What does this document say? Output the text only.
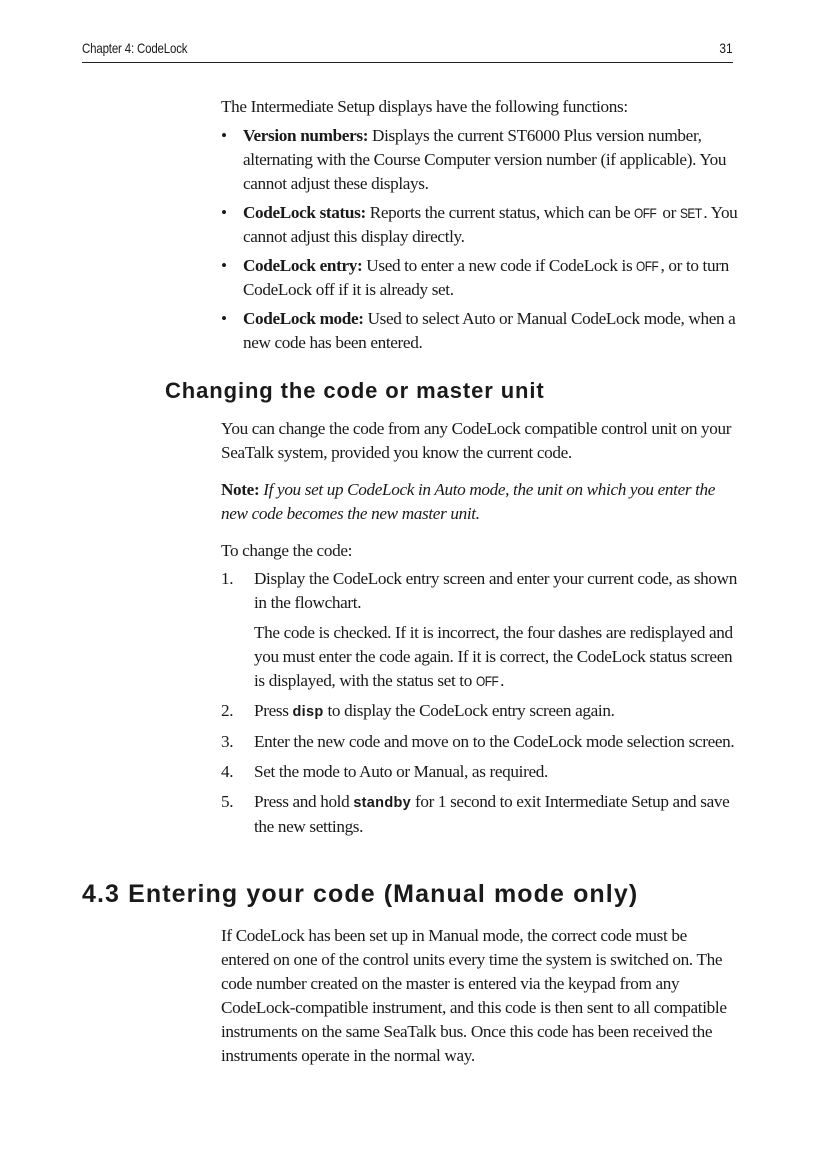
Chapter 4: CodeLock	31

The Intermediate Setup displays have the following functions:

• Version numbers: Displays the current ST6000 Plus version number, alternating with the Course Computer version number (if applicable). You cannot adjust these displays.
• CodeLock status: Reports the current status, which can be OFF or SET . You cannot adjust this display directly.
• CodeLock entry: Used to enter a new code if CodeLock is OFF , or to turn CodeLock off if it is already set.
• CodeLock mode: Used to select Auto or Manual CodeLock mode, when a new code has been entered.
Changing the code or master unit

You can change the code from any CodeLock compatible control unit on your SeaTalk system, provided you know the current code.

Note: If you set up CodeLock in Auto mode, the unit on which you enter the new code becomes the new master unit.

To change the code:

1. Display the CodeLock entry screen and enter your current code, as shown in the flowchart.
The code is checked. If it is incorrect, the four dashes are redisplayed and you must enter the code again. If it is correct, the CodeLock status screen is displayed, with the status set to OFF .
2. Press disp to display the CodeLock entry screen again.
3. Enter the new code and move on to the CodeLock mode selection screen.
4. Set the mode to Auto or Manual, as required.
5. Press and hold standby for 1 second to exit Intermediate Setup and save the new settings.
4.3 Entering your code (Manual mode only)

If CodeLock has been set up in Manual mode, the correct code must be entered on one of the control units every time the system is switched on. The code number created on the master is entered via the keypad from any CodeLock-compatible instrument, and this code is then sent to all compatible instruments on the same SeaTalk bus. Once this code has been received the instruments operate in the normal way.
